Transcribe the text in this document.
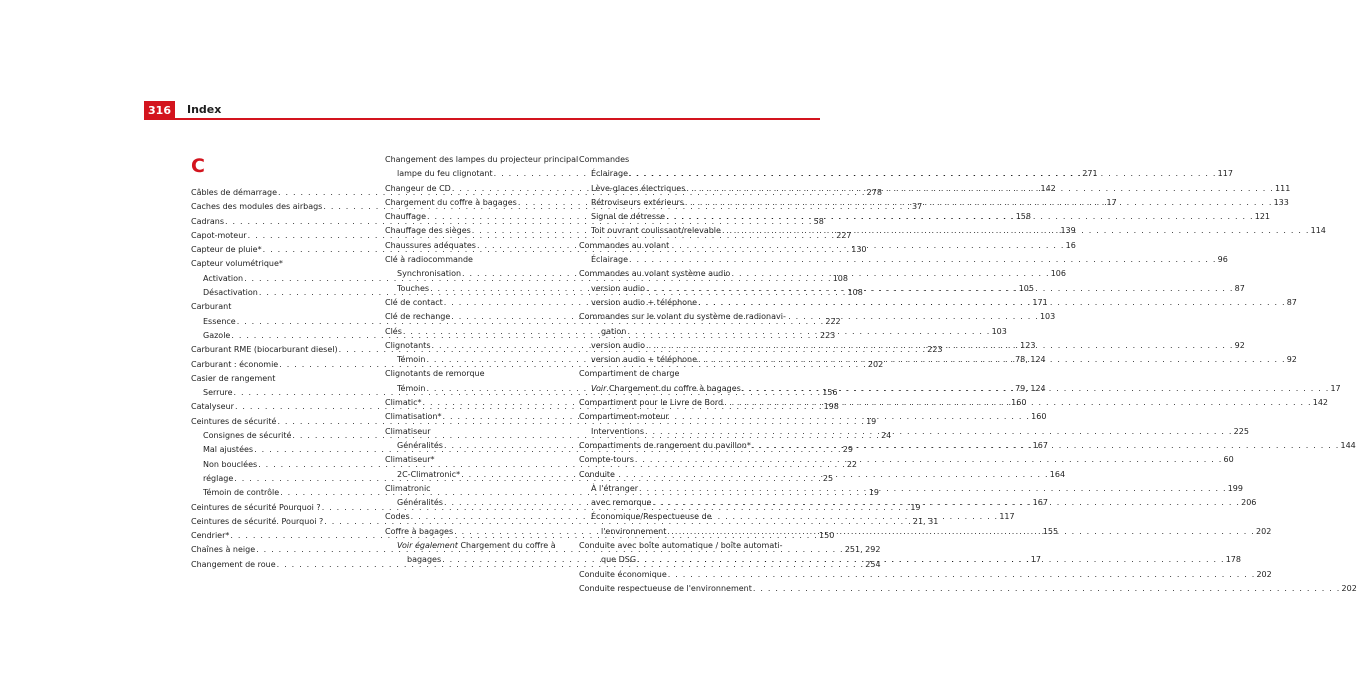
316	Index
C
Câbles de démarrage . . .	278
Caches des modules des airbags . . .	37
Cadrans . . .	58
Capot-moteur . . .	227
Capteur de pluie* . . .	130
Capteur volumétrique*
Activation . . .	108
Désactivation . . .	108
Carburant
Essence . . .	222
Gazole . . .	223
Carburant RME (biocarburant diesel) . . .	223
Carburant : économie . . .	202
Casier de rangement
Serrure . . .	156
Catalyseur . . .	198
Ceintures de sécurité . . .	19
Consignes de sécurité . . .	24
Mal ajustées . . .	29
Non bouclées . . .	22
réglage . . .	25
Témoin de contrôle . . .	19
Ceintures de sécurité Pourquoi ? . . .	19
Ceintures de sécurité. Pourquoi ? . . .	21, 31
Cendrier* . . .	150
Chaînes à neige . . .	251, 292
Changement de roue . . .	254
Changement des lampes du projecteur principal
lampe du feu clignotant . . .	271
Changeur de CD . . .	142
Chargement du coffre à bagages . . .	17
Chauffage . . .	158
Chauffage des sièges . . .	139
Chaussures adéquates . . .	16
Clé à radiocommande
Synchronisation . . .	106
Touches . . .	105
Clé de contact . . .	171
Clé de rechange . . .	103
Clés . . .	103
Clignotants . . .	123
Témoin . . .	78, 124
Clignotants de remorque
Témoin . . .	79, 124
Climatic* . . .	160
Climatisation* . . .	160
Climatiseur
Généralités . . .	167
Climatiseur*
2C-Climatronic* . . .	164
Climatronic
Généralités . . .	167
Codes . . .	117
Coffre à bagages . . .	155
Voir également Chargement du coffre à
bagages . . .	17
Commandes
Éclairage . . .	117
Lève-glaces électriques . . .	111
Rétroviseurs extérieurs . . .	133
Signal de détresse . . .	121
Toit ouvrant coulissant/relevable . . .	114
Commandes au volant
Éclairage . . .	96
Commandes au volant système audio
version audio . . .	87
version audio + téléphone . . .	87
Commandes sur le volant du système de radionavi-
gation
version audio . . .	92
version audio + téléphone . . .	92
Compartiment de charge
Voir Chargement du coffre à bagages . . .	17
Compartiment pour le Livre de Bord . . .	142
Compartiment-moteur
Interventions . . .	225
Compartiments de rangement du pavillon* . . .	144
Compte-tours . . .	60
Conduite
À l'étranger . . .	199
avec remorque . . .	206
Économique/Respectueuse de
l'environnement . . .	202
Conduite avec boîte automatique / boîte automati-
que DSG . . .	178
Conduite économique . . .	202
Conduite respectueuse de l'environnement . . .	202
